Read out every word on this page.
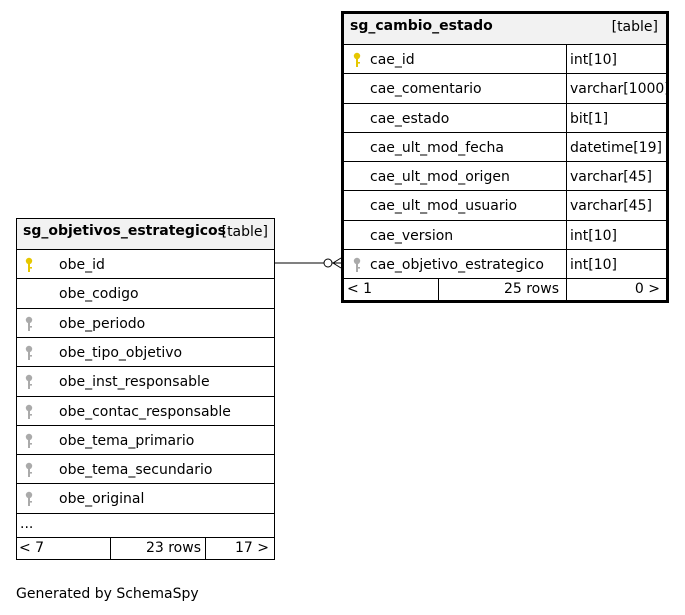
sg_objetivos_estrategicos
[table]
obe_id
obe_codigo
obe_periodo
obe_tipo_objetivo
obe_inst_responsable
obe_contac_responsable
obe_tema_primario
obe_tema_secundario
obe_original
...
< 7	23 rows 17 >
sg_cambio_estado	[table]
cae_id	int[10]
cae_comentario	varchar[1000]
cae_estado	bit[1]
cae_ult_mod_fecha	datetime[19]
cae_ult_mod_origen	varchar[45]
cae_ult_mod_usuario	varchar[45]
cae_version	int[10]
cae_objetivo_estrategico int[10]
< 1	25 rows	0 >
Generated by SchemaSpy
